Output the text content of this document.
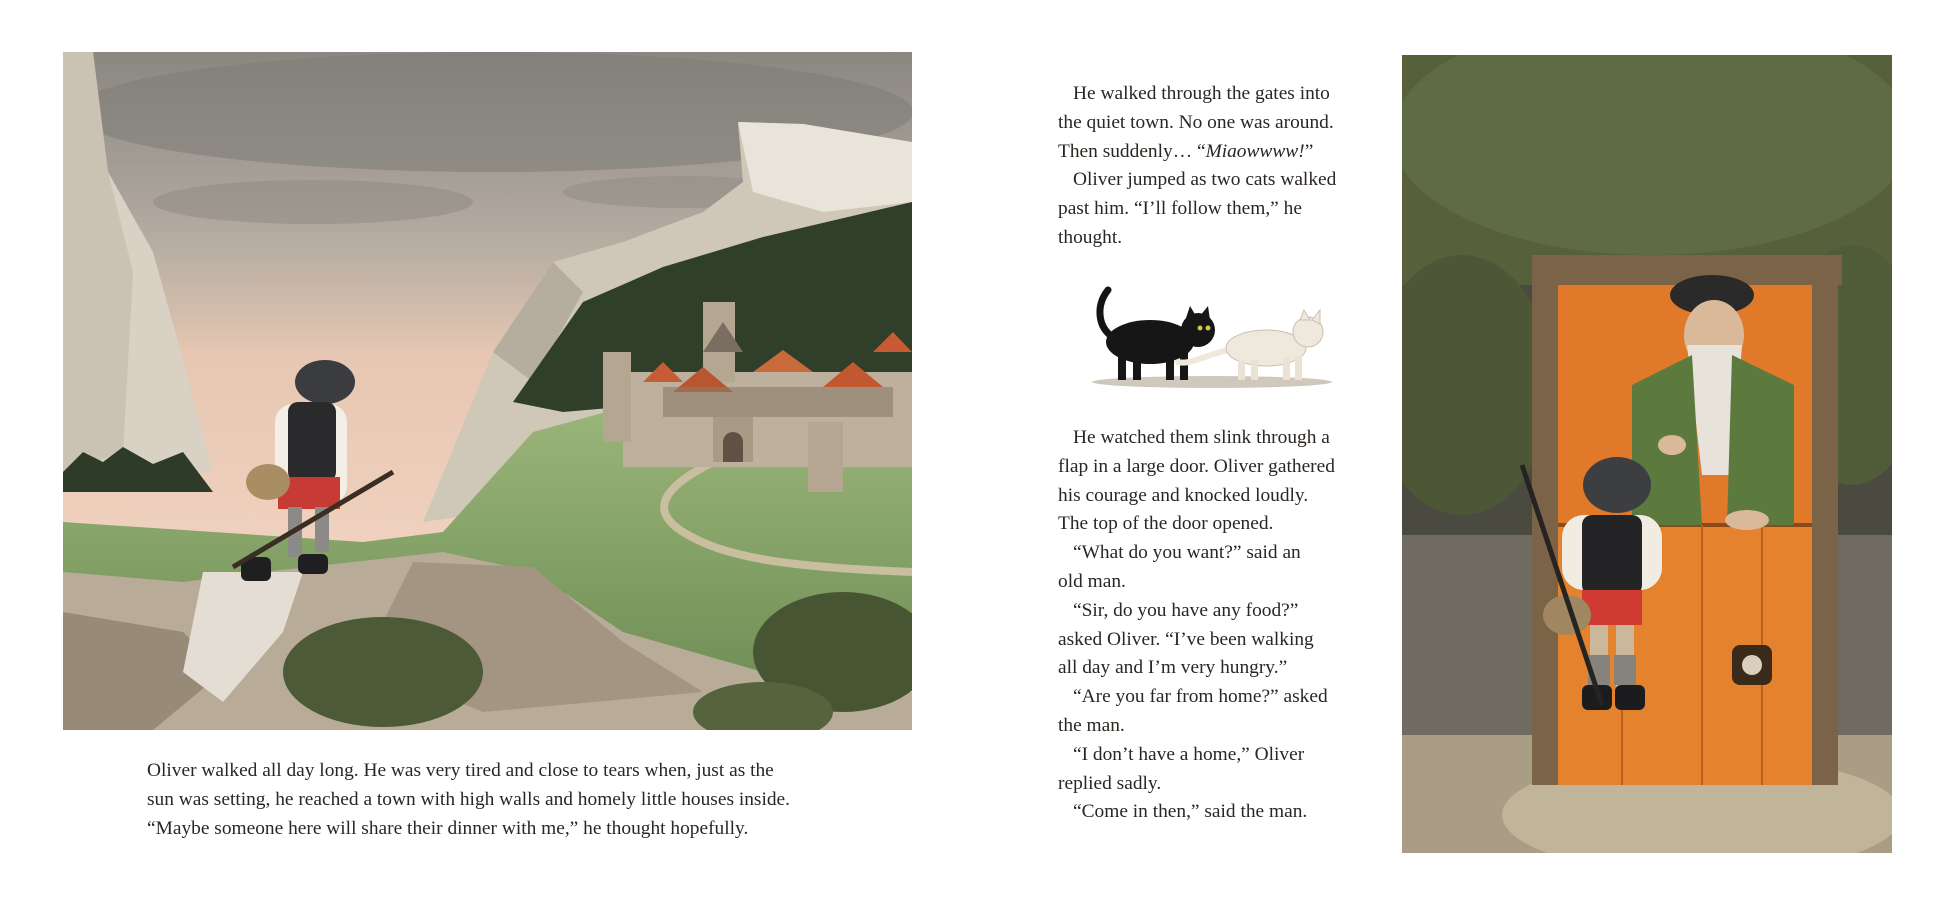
Oliver walked all day long. He was very tired and close to tears when, just as the
sun was setting, he reached a town with high walls and homely little houses inside.
“Maybe someone here will share their dinner with me,” he thought hopefully.
He walked through the gates into
the quiet town. No one was around.
Then suddenly… “Miaowwww!”
Oliver jumped as two cats walked
past him. “I’ll follow them,” he
thought.
He watched them slink through a
flap in a large door. Oliver gathered
his courage and knocked loudly.
The top of the door opened.
“What do you want?” said an
old man.
“Sir, do you have any food?”
asked Oliver. “I’ve been walking
all day and I’m very hungry.”
“Are you far from home?” asked
the man.
“I don’t have a home,” Oliver
replied sadly.
“Come in then,” said the man.
